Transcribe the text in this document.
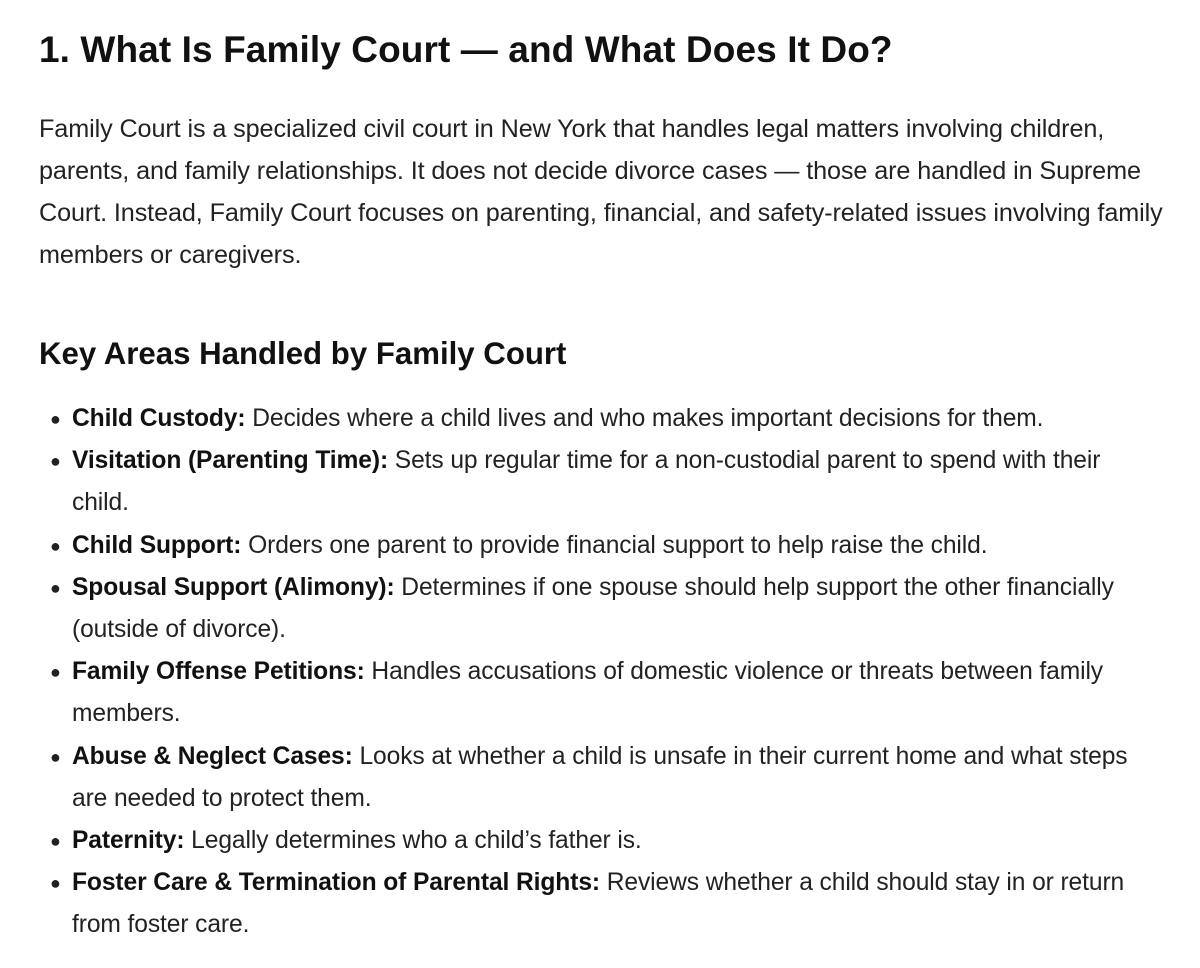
1. What Is Family Court — and What Does It Do?

Family Court is a specialized civil court in New York that handles legal matters involving children, parents, and family relationships. It does not decide divorce cases — those are handled in Supreme Court. Instead, Family Court focuses on parenting, financial, and safety-related issues involving family members or caregivers.

Key Areas Handled by Family Court
● Child Custody: Decides where a child lives and who makes important decisions for them.
● Visitation (Parenting Time): Sets up regular time for a non-custodial parent to spend with their child.
● Child Support: Orders one parent to provide financial support to help raise the child.
● Spousal Support (Alimony): Determines if one spouse should help support the other financially (outside of divorce).
● Family Offense Petitions: Handles accusations of domestic violence or threats between family members.
● Abuse & Neglect Cases: Looks at whether a child is unsafe in their current home and what steps are needed to protect them.
● Paternity: Legally determines who a child’s father is.
● Foster Care & Termination of Parental Rights: Reviews whether a child should stay in or return from foster care.
